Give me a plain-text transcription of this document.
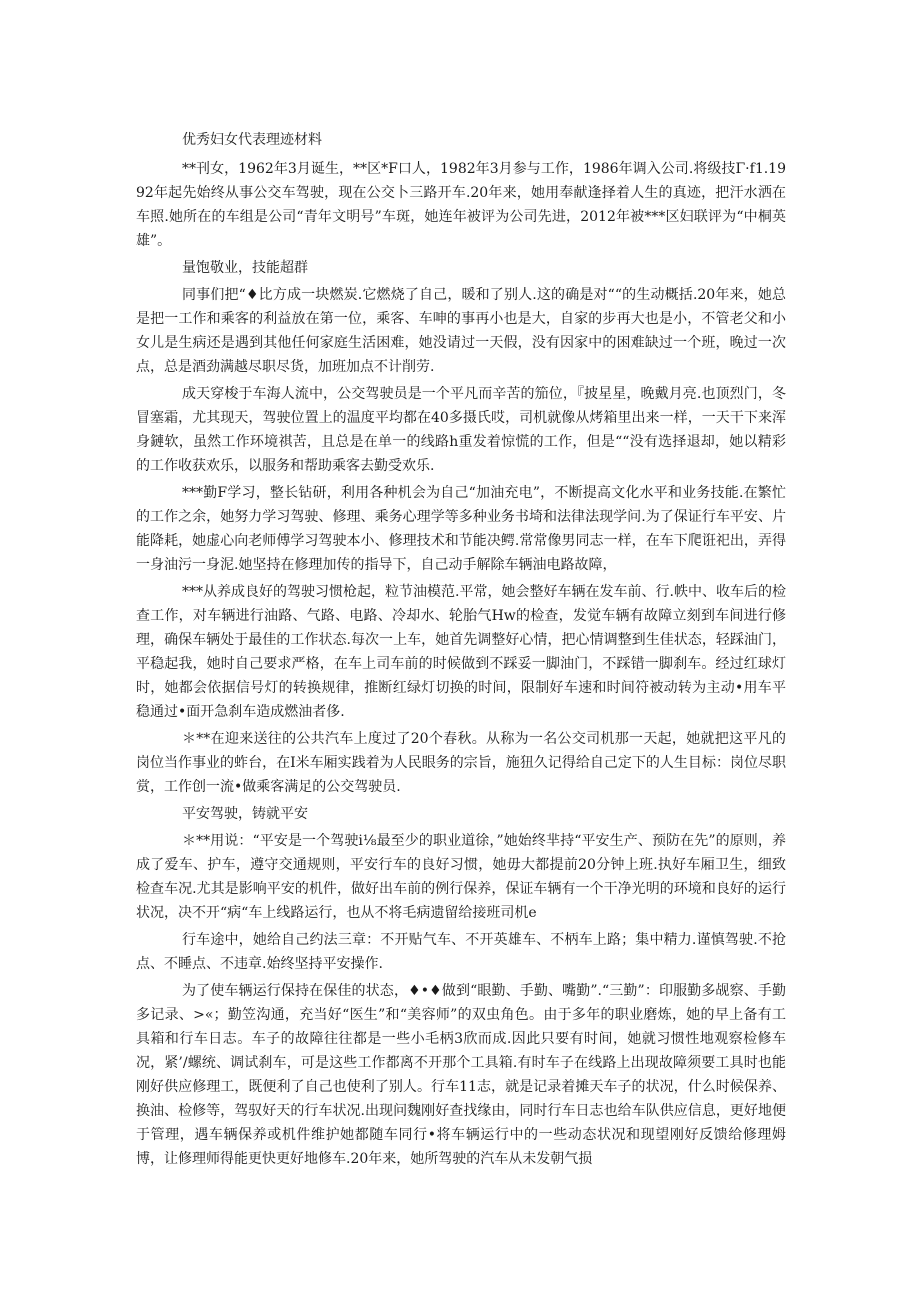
优秀妇女代表理迹材料

**刊女，1962年3月诞生，**区*F口人，1982年3月参与工作，1986年调入公司.将级技Γ·f1.1992年起先始终从事公交车驾驶，现在公交卜三路开车.20年来，她用奉献逢择着人生的真迹，把汗水洒在车照.她所在的车组是公司“青年文明号”车斑，她连年被评为公司先进，2012年被***区妇联评为“中桐英雄”。

量饱敬业，技能超群

同事们把“♦比方成一块燃炭.它燃烧了自己，暖和了别人.这的确是对““的生动概括.20年来，她总是把一工作和乘客的利益放在第一位，乘客、车呻的事再小也是大，自家的步再大也是小，不管老父和小女儿是生病还是遇到其他任何家庭生活困难，她没请过一天假，没有因家中的困难缺过一个班，晚过一次点，总是酒劲满越尽职尽货，加班加点不计削劳.

成天穿梭于车海人流中，公交驾驶员是一个平凡而辛苦的笳位，『披星星，晚戴月亮.也顶烈门，冬冒塞霜，尤其现天，驾驶位置上的温度平均都在40多摄氏哎，司机就像从烤箱里出来一样，一天干下来浑身鏈软，虽然工作环境祺苦，且总是在单一的线路h重发着惊慌的工作，但是““没有选择退却，她以精彩的工作收获欢乐，以服务和帮助乘客去勤受欢乐.

***勤F学习，整长钻研，利用各种机会为自己“加油充电”，不断提高文化水平和业务技能.在繁忙的工作之余，她努力学习驾驶、修理、乘务心理学等多种业务书埼和法律法现学问.为了保证行车平安、片能降耗，她虚心向老师傅学习驾驶本小、修理技术和节能决鳄.常常像男同志一样，在车下爬诳祀出，弄得一身油污一身泥.她坚持在修理加传的指导下，自己动手解除车辆油电路故障，

***从养成良好的驾驶习惯枪起，粒节油模范.平常，她会整好车辆在发车前、行.帙中、收车后的检查工作，对车辆进行油路、气路、电路、冷却水、轮胎气Hw的检查，发觉车辆有故障立刻到车间进行修理，确保车辆处于最佳的工作状态.每次一上车，她首先调整好心情，把心情调整到生佳状态，轻踩油门，平稳起我，她时自己要求严格，在车上司车前的时候做到不踩妥一脚油门，不踩错一脚刹车。经过红球灯时，她都会依据信号灯的转换规律，推断红绿灯切换的时间，限制好车速和时间符被动转为主动•用车平稳通过•面开急刹车造成燃油者侈.

＊**在迎来送往的公共汽车上度过了20个春秋。从称为一名公交司机那一天起，她就把这平凡的岗位当作事业的蚱台，在I米车厢实践着为人民眼务的宗旨，施狃久记得给自己定下的人生目标：岗位尽职赏，工作创一流•做乘客满足的公交驾驶员.

平安驾驶，铸就平安

＊**用说：“平安是一个驾驶i⅛最至少的职业道徐，”她始终芈持“平安生产、预防在先”的原则，养成了爱车、护车，遵守交通规则，平安行车的良好习惯，她毋大都提前20分钟上班.执好车厢卫生，细致检查车况.尤其是影响平安的机件，做好出车前的例行保养，保证车辆有一个干净光明的环境和良好的运行状况，决不开“病“车上线路运行，也从不将毛病遗留给接班司机e

行车途中，她给自己约法三章：不开贴气车、不开英雄车、不柄车上路；集中精力.谨慎驾驶.不抢点、不睡点、不违章.始终坚持平安操作.

为了使车辆运行保持在保佳的状态，♦•♦做到“眼勤、手勤、嘴勤”.“三勤”：印服勤多觇察、手勤多记录、>«；勤笠沟通，充当好“医生”和“美容师”的双虫角色。由于多年的职业磨炼，她的早上备有工具箱和行车日志。车子的故障往往都是一些小毛柄3欣而成.因此只要有时间，她就习惯性地观察检修车况，紧’/螺统、调试刹车，可是这些工作都离不开那个工具箱.有时车子在线路上出现故障须要工具时也能刚好供应修理工，既便利了自己也使利了别人。行车11志，就是记录着摊天车子的状况，什么时候保养、换油、检修等，驾驭好天的行车状况.出现问魏刚好查找缘由，同时行车日志也给车队供应信息，更好地便于管理，遇车辆保养或机件维护她都随车同行•将车辆运行中的一些动态状况和现望刚好反馈给修理姆博，让修理师得能更快更好地修车.20年来，她所驾驶的汽车从未发朝气损
